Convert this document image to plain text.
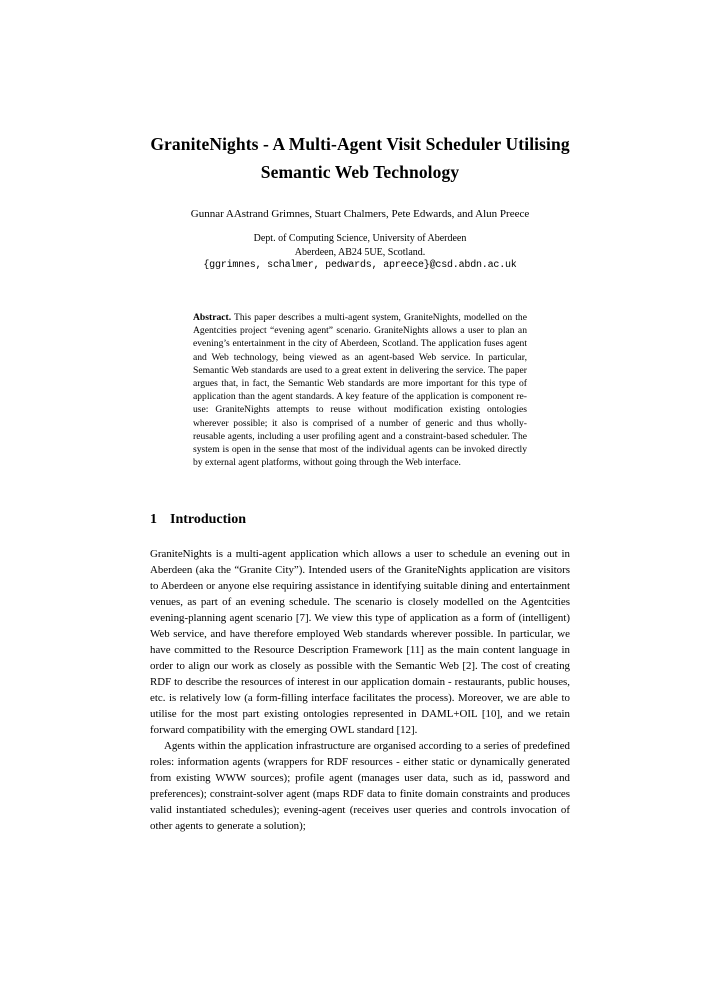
GraniteNights - A Multi-Agent Visit Scheduler Utilising Semantic Web Technology
Gunnar AAstrand Grimnes, Stuart Chalmers, Pete Edwards, and Alun Preece
Dept. of Computing Science, University of Aberdeen
Aberdeen, AB24 5UE, Scotland.
{ggrimnes, schalmer, pedwards, apreece}@csd.abdn.ac.uk
Abstract. This paper describes a multi-agent system, GraniteNights, modelled on the Agentcities project “evening agent” scenario. GraniteNights allows a user to plan an evening’s entertainment in the city of Aberdeen, Scotland. The application fuses agent and Web technology, being viewed as an agent-based Web service. In particular, Semantic Web standards are used to a great extent in delivering the service. The paper argues that, in fact, the Semantic Web standards are more important for this type of application than the agent standards. A key feature of the application is component re-use: GraniteNights attempts to reuse without modification existing ontologies wherever possible; it also is comprised of a number of generic and thus wholly-reusable agents, including a user profiling agent and a constraint-based scheduler. The system is open in the sense that most of the individual agents can be invoked directly by external agent platforms, without going through the Web interface.
1 Introduction

GraniteNights is a multi-agent application which allows a user to schedule an evening out in Aberdeen (aka the “Granite City”). Intended users of the GraniteNights application are visitors to Aberdeen or anyone else requiring assistance in identifying suitable dining and entertainment venues, as part of an evening schedule. The scenario is closely modelled on the Agentcities evening-planning agent scenario [7]. We view this type of application as a form of (intelligent) Web service, and have therefore employed Web standards wherever possible. In particular, we have committed to the Resource Description Framework [11] as the main content language in order to align our work as closely as possible with the Semantic Web [2]. The cost of creating RDF to describe the resources of interest in our application domain - restaurants, public houses, etc. is relatively low (a form-filling interface facilitates the process). Moreover, we are able to utilise for the most part existing ontologies represented in DAML+OIL [10], and we retain forward compatibility with the emerging OWL standard [12].

Agents within the application infrastructure are organised according to a series of predefined roles: information agents (wrappers for RDF resources - either static or dynamically generated from existing WWW sources); profile agent (manages user data, such as id, password and preferences); constraint-solver agent (maps RDF data to finite domain constraints and produces valid instantiated schedules); evening-agent (receives user queries and controls invocation of other agents to generate a solution);
